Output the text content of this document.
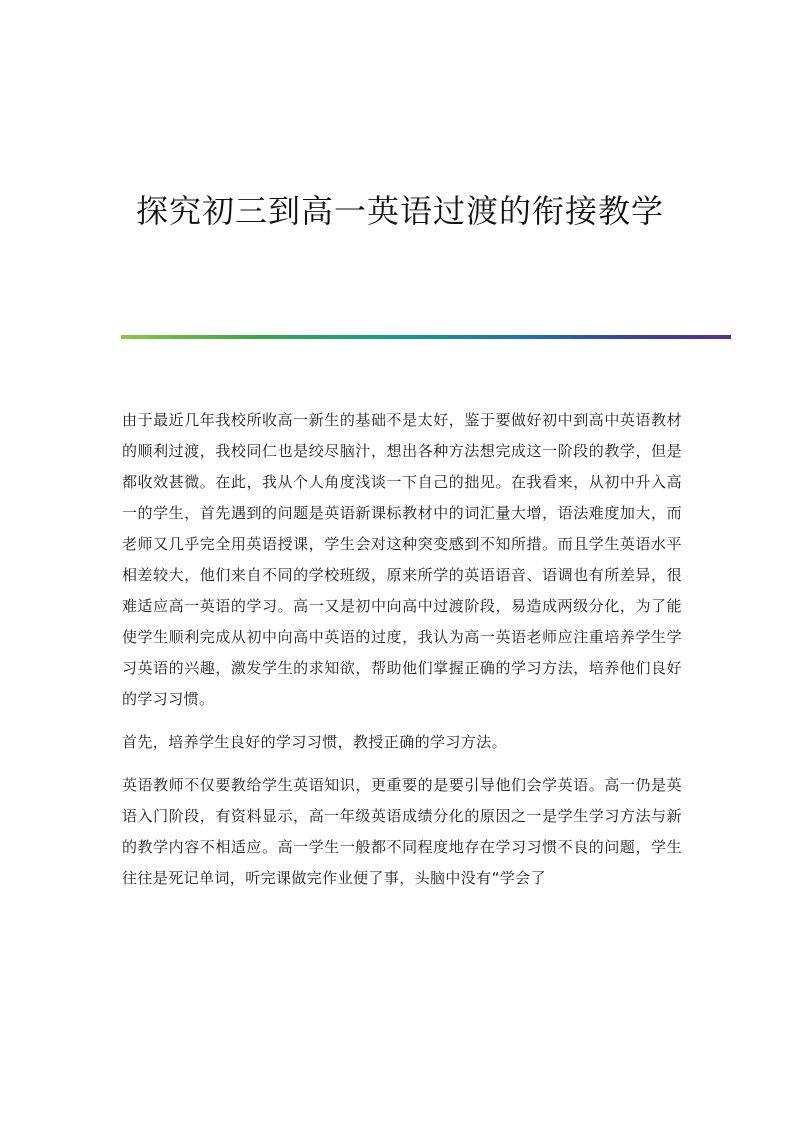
探究初三到高一英语过渡的衔接教学

由于最近几年我校所收高一新生的基础不是太好，鉴于要做好初中到高中英语教材的顺利过渡，我校同仁也是绞尽脑汁，想出各种方法想完成这一阶段的教学，但是都收效甚微。在此，我从个人角度浅谈一下自己的拙见。在我看来，从初中升入高一的学生，首先遇到的问题是英语新课标教材中的词汇量大增，语法难度加大，而老师又几乎完全用英语授课，学生会对这种突变感到不知所措。而且学生英语水平相差较大，他们来自不同的学校班级，原来所学的英语语音、语调也有所差异，很难适应高一英语的学习。高一又是初中向高中过渡阶段，易造成两级分化，为了能使学生顺利完成从初中向高中英语的过度，我认为高一英语老师应注重培养学生学习英语的兴趣，激发学生的求知欲，帮助他们掌握正确的学习方法，培养他们良好的学习习惯。

首先，培养学生良好的学习习惯，教授正确的学习方法。

英语教师不仅要教给学生英语知识，更重要的是要引导他们会学英语。高一仍是英语入门阶段，有资料显示，高一年级英语成绩分化的原因之一是学生学习方法与新的教学内容不相适应。高一学生一般都不同程度地存在学习习惯不良的问题，学生往往是死记单词，听完课做完作业便了事，头脑中没有“学会了
